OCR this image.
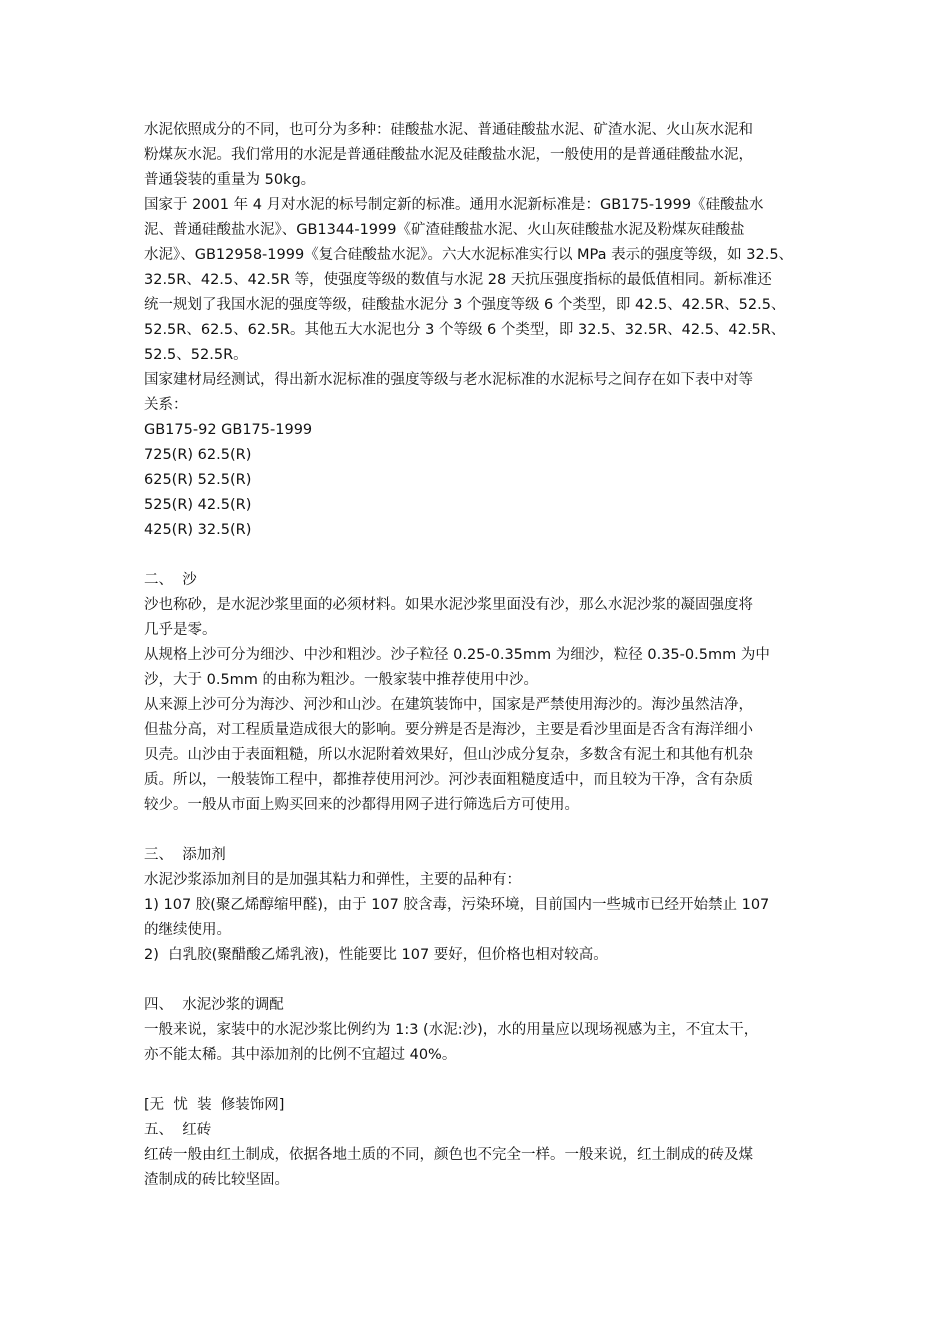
水泥依照成分的不同，也可分为多种：硅酸盐水泥、普通硅酸盐水泥、矿渣水泥、火山灰水泥和

粉煤灰水泥。我们常用的水泥是普通硅酸盐水泥及硅酸盐水泥，一般使用的是普通硅酸盐水泥，

普通袋装的重量为 50kg。

国家于 2001 年 4 月对水泥的标号制定新的标准。通用水泥新标准是：GB175-1999《硅酸盐水

泥、普通硅酸盐水泥》、GB1344-1999《矿渣硅酸盐水泥、火山灰硅酸盐水泥及粉煤灰硅酸盐

水泥》、GB12958-1999《复合硅酸盐水泥》。六大水泥标准实行以 MPa 表示的强度等级，如 32.5、

32.5R、42.5、42.5R 等，使强度等级的数值与水泥 28 天抗压强度指标的最低值相同。新标准还

统一规划了我国水泥的强度等级，硅酸盐水泥分 3 个强度等级 6 个类型，即 42.5、42.5R、52.5、

52.5R、62.5、62.5R。其他五大水泥也分 3 个等级 6 个类型，即 32.5、32.5R、42.5、42.5R、

52.5、52.5R。

国家建材局经测试，得出新水泥标准的强度等级与老水泥标准的水泥标号之间存在如下表中对等

关系：

GB175-92 GB175-1999

725(R) 62.5(R)

625(R) 52.5(R)

525(R) 42.5(R)

425(R) 32.5(R)

二、  沙

沙也称砂，是水泥沙浆里面的必须材料。如果水泥沙浆里面没有沙，那么水泥沙浆的凝固强度将

几乎是零。

从规格上沙可分为细沙、中沙和粗沙。沙子粒径 0.25-0.35mm 为细沙，粒径 0.35-0.5mm 为中

沙，大于 0.5mm 的由称为粗沙。一般家装中推荐使用中沙。

从来源上沙可分为海沙、河沙和山沙。在建筑装饰中，国家是严禁使用海沙的。海沙虽然洁净，

但盐分高，对工程质量造成很大的影响。要分辨是否是海沙，主要是看沙里面是否含有海洋细小

贝壳。山沙由于表面粗糙，所以水泥附着效果好，但山沙成分复杂，多数含有泥土和其他有机杂

质。所以，一般装饰工程中，都推荐使用河沙。河沙表面粗糙度适中，而且较为干净，含有杂质

较少。一般从市面上购买回来的沙都得用网子进行筛选后方可使用。

三、  添加剂

水泥沙浆添加剂目的是加强其粘力和弹性，主要的品种有：

1) 107 胶(聚乙烯醇缩甲醛)，由于 107 胶含毒，污染环境，目前国内一些城市已经开始禁止 107

的继续使用。

2)  白乳胶(聚醋酸乙烯乳液)，性能要比 107 要好，但价格也相对较高。

四、  水泥沙浆的调配

一般来说，家装中的水泥沙浆比例约为 1:3 (水泥:沙)，水的用量应以现场视感为主，不宜太干，

亦不能太稀。其中添加剂的比例不宜超过 40%。

[无  忧  装  修装饰网]

五、  红砖

红砖一般由红土制成，依据各地土质的不同，颜色也不完全一样。一般来说，红土制成的砖及煤

渣制成的砖比较坚固。
